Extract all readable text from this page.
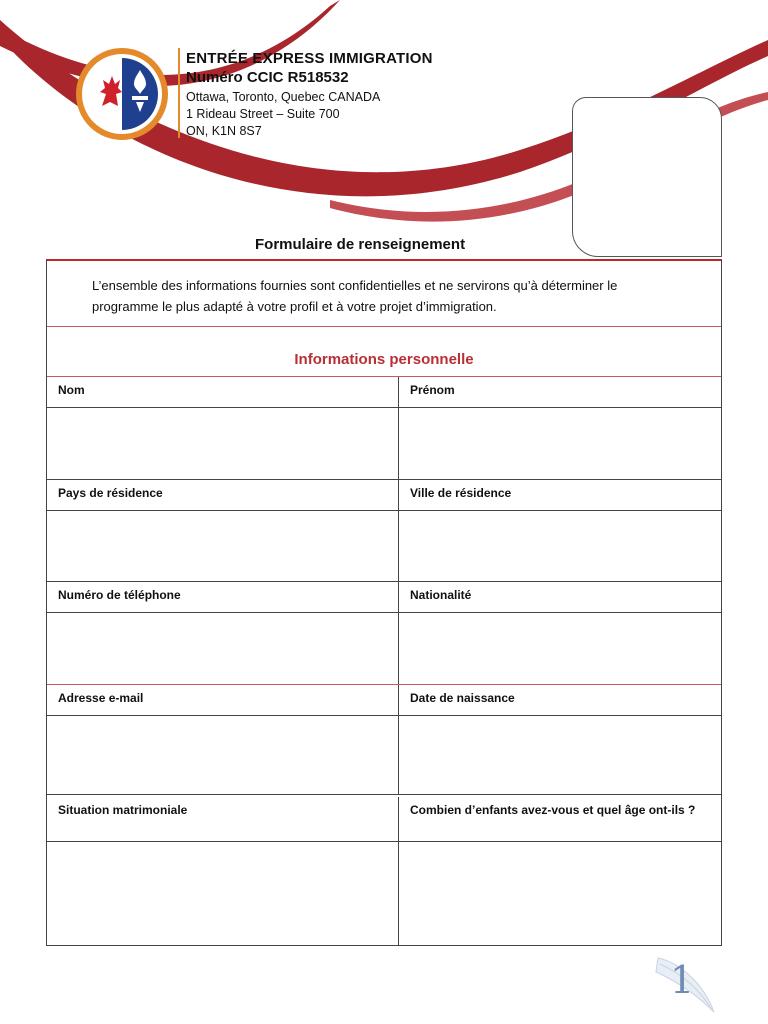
ENTRÉE EXPRESS IMMIGRATION
Numéro CCIC R518532
Ottawa, Toronto, Quebec CANADA
1 Rideau Street – Suite 700
ON, K1N 8S7
Formulaire de renseignement
L’ensemble des informations fournies sont confidentielles et ne servirons qu’à déterminer le
programme le plus adapté à votre profil et à votre projet d’immigration.
Informations personnelle
Nom	Prénom
Pays de résidence	Ville de résidence
Numéro de téléphone	Nationalité
Adresse e-mail	Date de naissance
Situation matrimoniale	Combien d’enfants avez-vous et quel âge ont-ils ?
1
